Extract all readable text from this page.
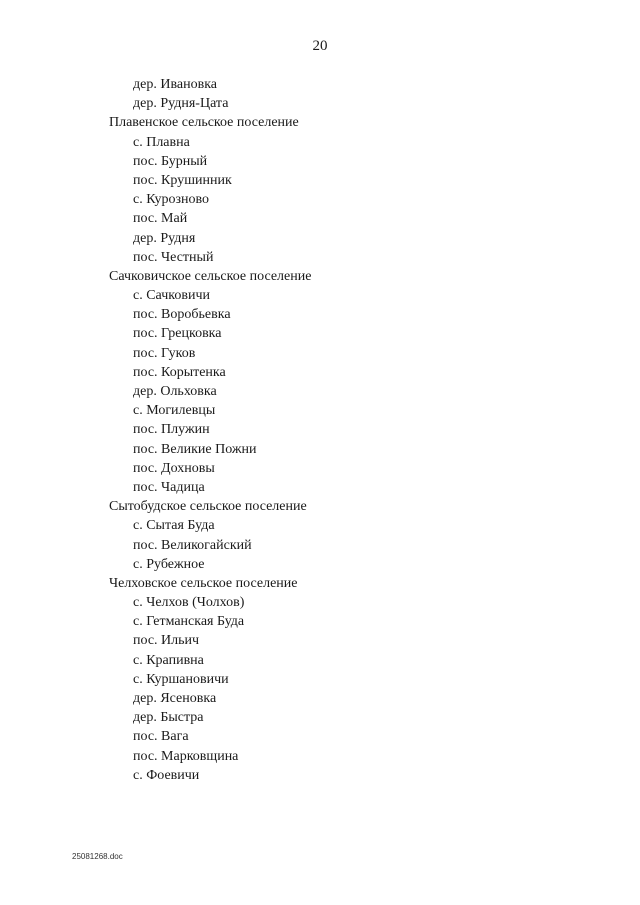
20
дер. Ивановка
дер. Рудня-Цата
Плавенское сельское поселение
с. Плавна
пос. Бурный
пос. Крушинник
с. Курозново
пос. Май
дер. Рудня
пос. Честный
Сачковичское сельское поселение
с. Сачковичи
пос. Воробьевка
пос. Грецковка
пос. Гуков
пос. Корытенка
дер. Ольховка
с. Могилевцы
пос. Плужин
пос. Великие Пожни
пос. Дохновы
пос. Чадица
Сытобудское сельское поселение
с. Сытая Буда
пос. Великогайский
с. Рубежное
Челховское сельское поселение
с. Челхов (Чолхов)
с. Гетманская Буда
пос. Ильич
с. Крапивна
с. Куршановичи
дер. Ясеновка
дер. Быстра
пос. Вага
пос. Марковщина
с. Фоевичи
25081268.doc
